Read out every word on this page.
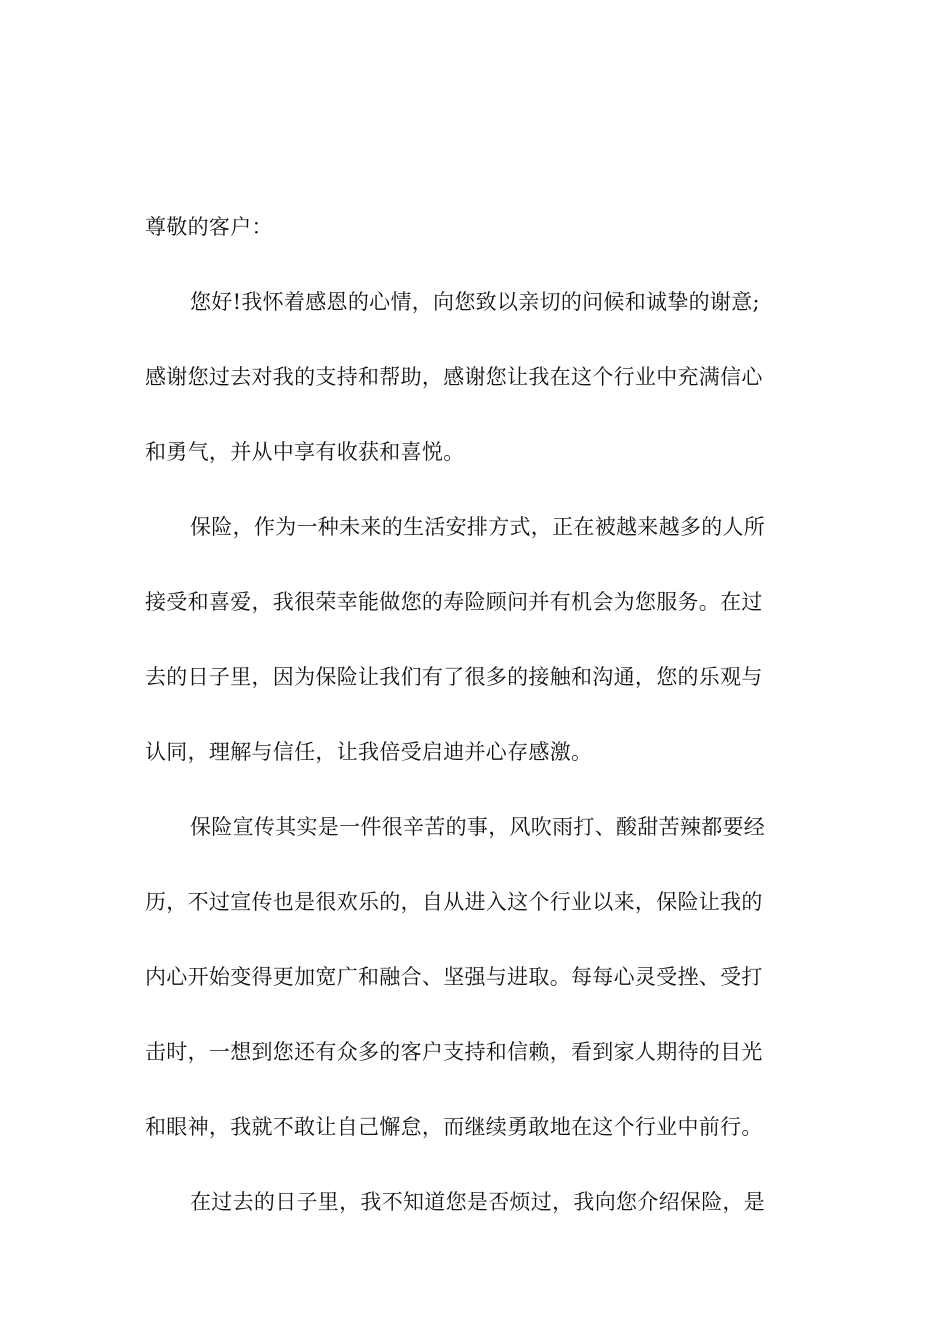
尊敬的客户：
您好!我怀着感恩的心情，向您致以亲切的问候和诚挚的谢意;
感谢您过去对我的支持和帮助，感谢您让我在这个行业中充满信心
和勇气，并从中享有收获和喜悦。
保险，作为一种未来的生活安排方式，正在被越来越多的人所
接受和喜爱，我很荣幸能做您的寿险顾问并有机会为您服务。在过
去的日子里，因为保险让我们有了很多的接触和沟通，您的乐观与
认同，理解与信任，让我倍受启迪并心存感激。
保险宣传其实是一件很辛苦的事，风吹雨打、酸甜苦辣都要经
历，不过宣传也是很欢乐的，自从进入这个行业以来，保险让我的
内心开始变得更加宽广和融合、坚强与进取。每每心灵受挫、受打
击时，一想到您还有众多的客户支持和信赖，看到家人期待的目光
和眼神，我就不敢让自己懈怠，而继续勇敢地在这个行业中前行。
在过去的日子里，我不知道您是否烦过，我向您介绍保险，是
